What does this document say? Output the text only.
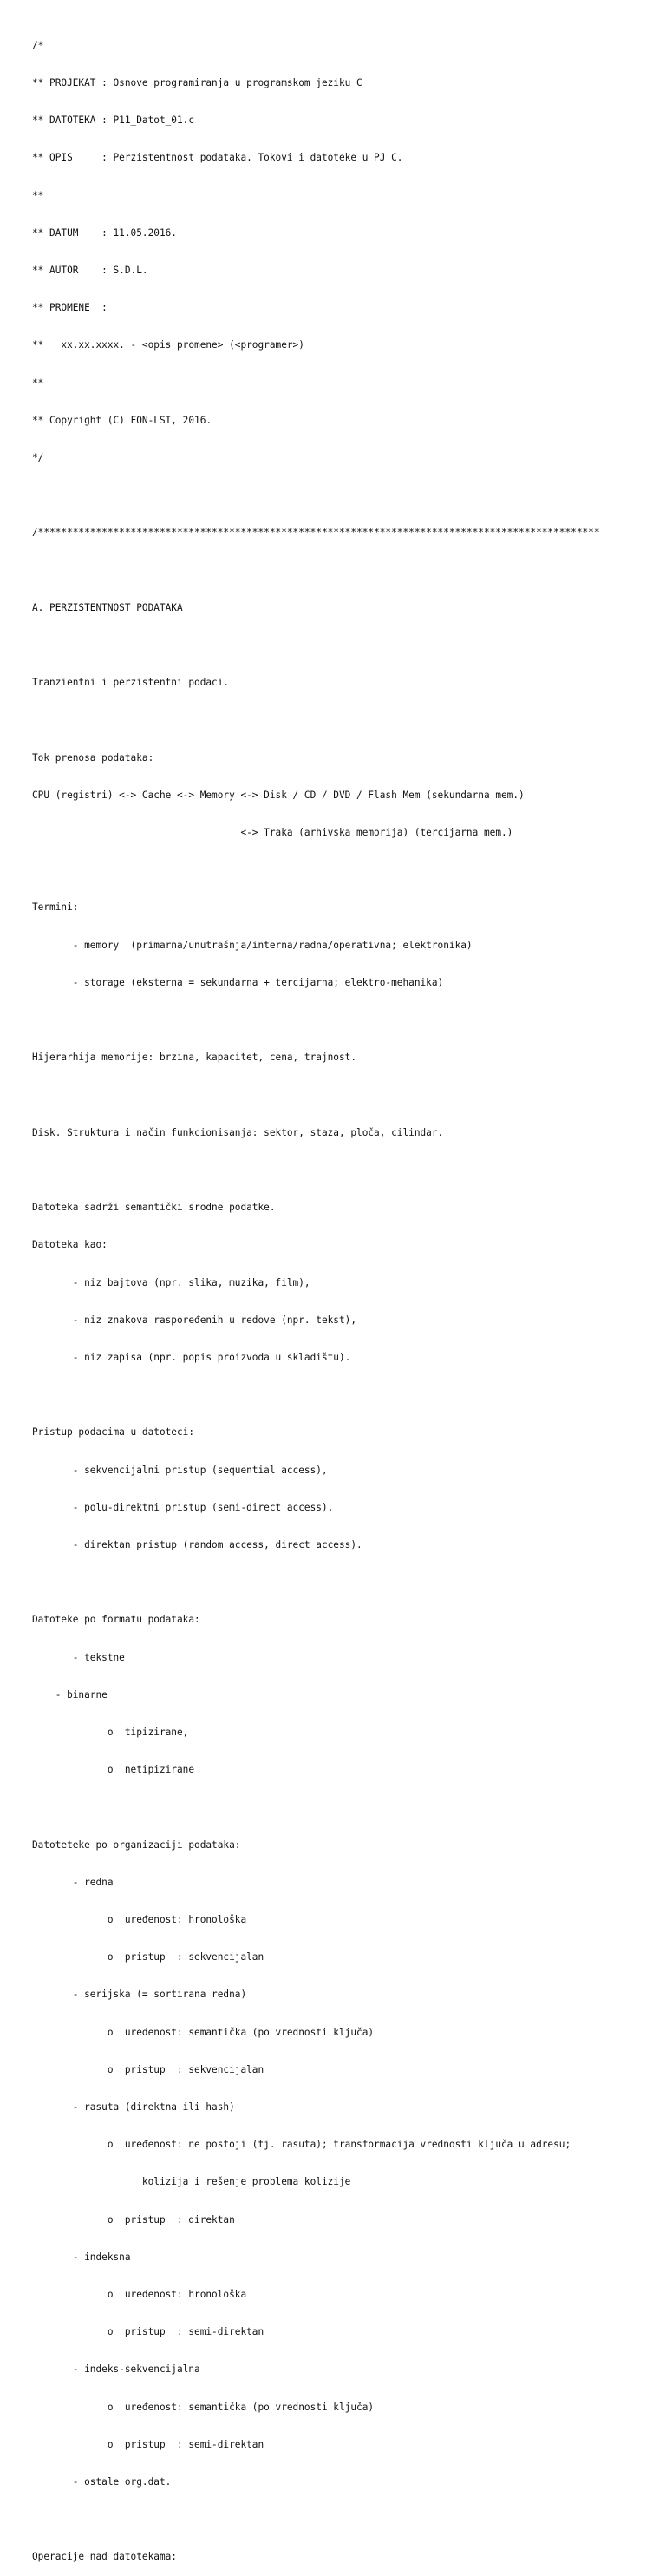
/*

** PROJEKAT : Osnove programiranja u programskom jeziku C

** DATOTEKA : P11_Datot_01.c

** OPIS     : Perzistentnost podataka. Tokovi i datoteke u PJ C.

**

** DATUM    : 11.05.2016.

** AUTOR    : S.D.L.

** PROMENE  :

**   xx.xx.xxxx. - <opis promene> (<programer>)

**

** Copyright (C) FON-LSI, 2016.

*/

/*************************************************************************************************

A. PERZISTENTNOST PODATAKA

Tranzientni i perzistentni podaci.

Tok prenosa podataka:

CPU (registri) <-> Cache <-> Memory <-> Disk / CD / DVD / Flash Mem (sekundarna mem.)

<-> Traka (arhivska memorija) (tercijarna mem.)

Termini:

- memory  (primarna/unutrašnja/interna/radna/operativna; elektronika)

- storage (eksterna = sekundarna + tercijarna; elektro-mehanika)

Hijerarhija memorije: brzina, kapacitet, cena, trajnost.

Disk. Struktura i način funkcionisanja: sektor, staza, ploča, cilindar.

Datoteka sadrži semantički srodne podatke.

Datoteka kao:

- niz bajtova (npr. slika, muzika, film),

- niz znakova raspoređenih u redove (npr. tekst),

- niz zapisa (npr. popis proizvoda u skladištu).

Pristup podacima u datoteci:

- sekvencijalni pristup (sequential access),

- polu-direktni pristup (semi-direct access),

- direktan pristup (random access, direct access).

Datoteke po formatu podataka:

- tekstne

- binarne

o  tipizirane,

o  netipizirane

Datoteteke po organizaciji podataka:

- redna

o  uređenost: hronološka

o  pristup  : sekvencijalan

- serijska (= sortirana redna)

o  uređenost: semantička (po vrednosti ključa)

o  pristup  : sekvencijalan

- rasuta (direktna ili hash)

o  uređenost: ne postoji (tj. rasuta); transformacija vrednosti ključa u adresu;

kolizija i rešenje problema kolizije

o  pristup  : direktan

- indeksna

o  uređenost: hronološka

o  pristup  : semi-direktan

- indeks-sekvencijalna

o  uređenost: semantička (po vrednosti ključa)

o  pristup  : semi-direktan

- ostale org.dat.

Operacije nad datotekama:
